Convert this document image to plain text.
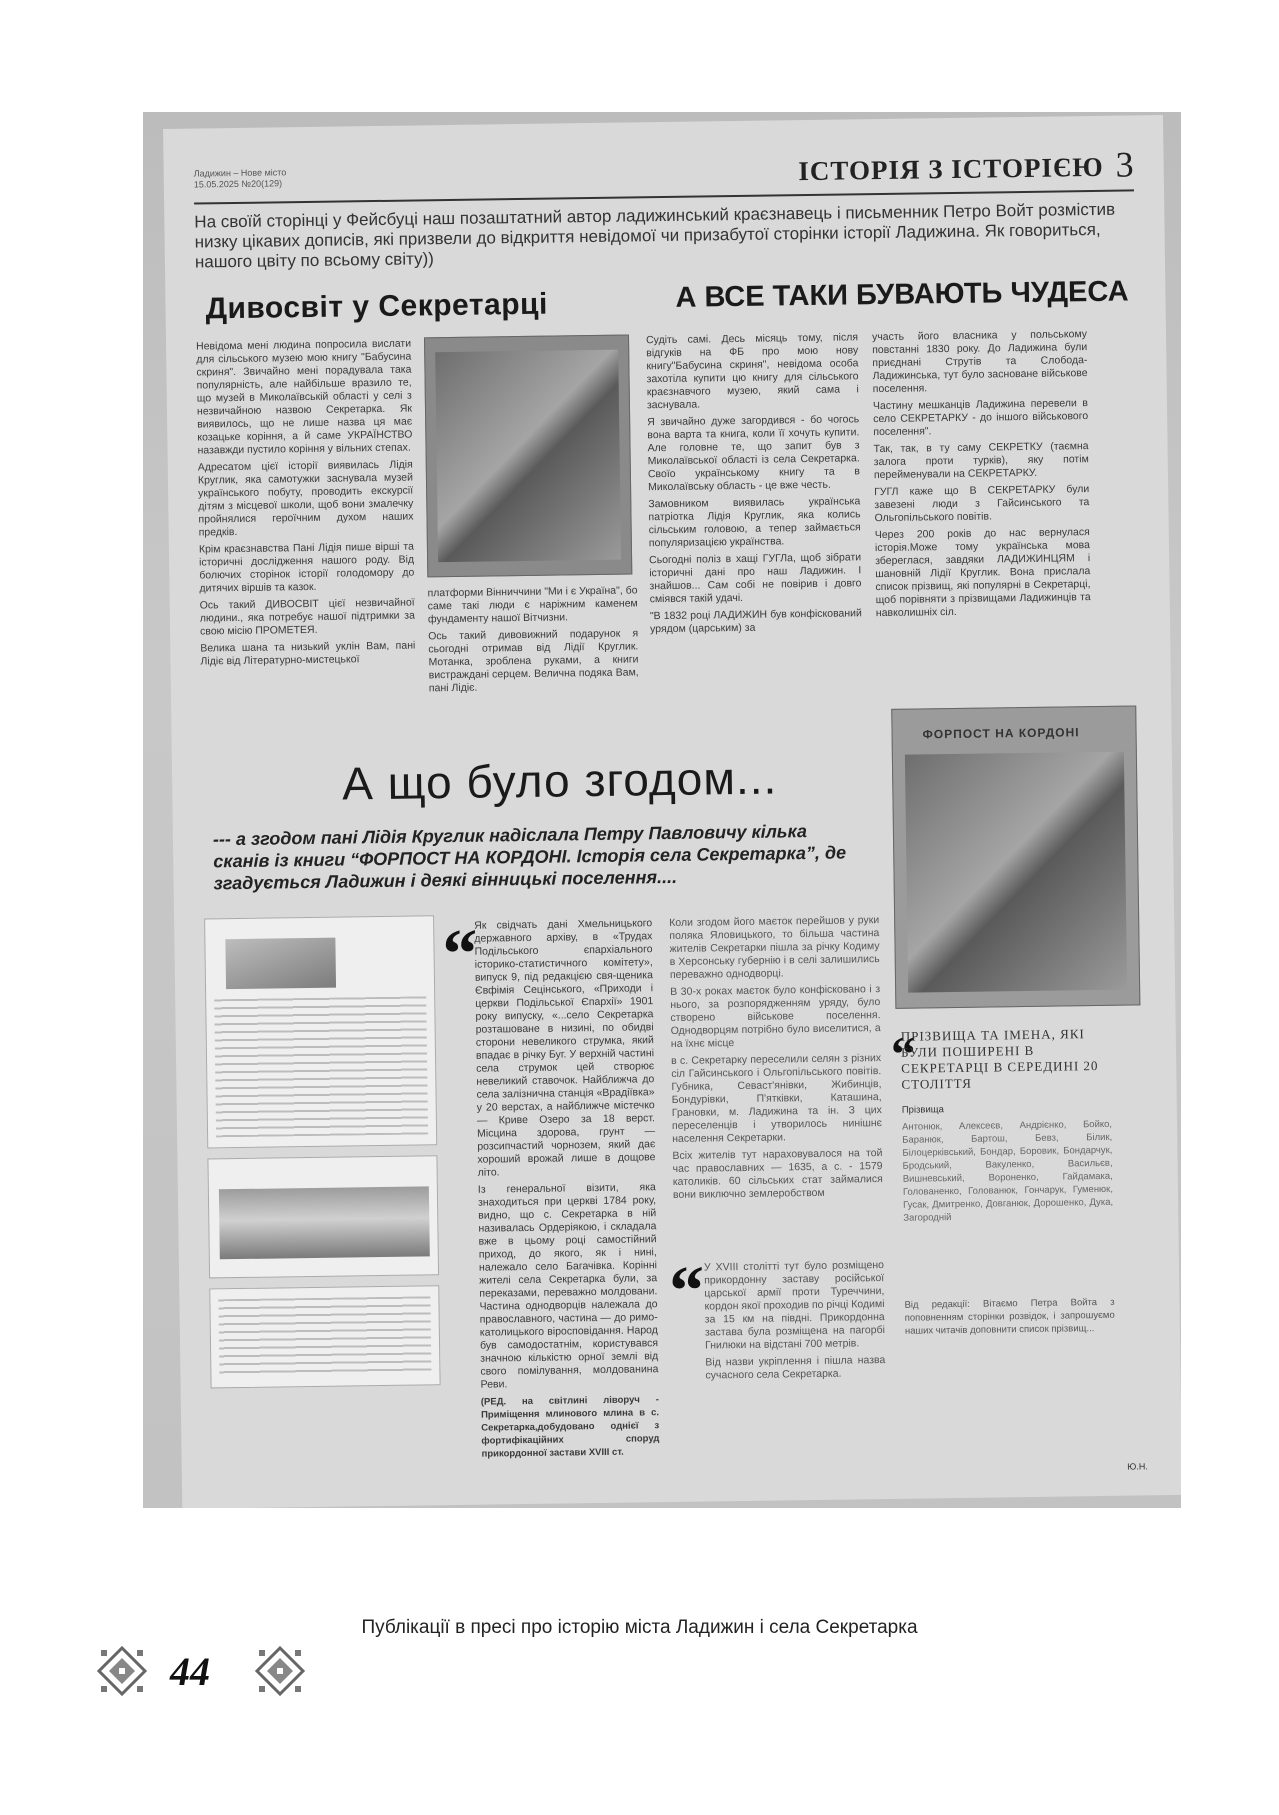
Ладижин – Нове місто
15.05.2025 №20(129)	ІСТОРІЯ З ІСТОРІЄЮ 3
На своїй сторінці у Фейсбуці наш позаштатний автор ладижинський краєзнавець і письменник Петро Войт розмістив низку цікавих дописів, які призвели до відкриття невідомої чи призабутої сторінки історії Ладижина. Як говориться, нашого цвіту по всьому світу))
Дивосвіт у Секретарці

Невідома мені людина попросила вислати для сільського музею мою книгу "Бабусина скриня". Звичайно мені порадувала така популярність, але найбільше вразило те, що музей в Миколаївській області у селі з незвичайною назвою Секретарка. Як виявилось, що не лише назва ця має козацьке коріння, а й саме УКРАЇНСТВО назавжди пустило коріння у вільних степах.

Адресатом цієї історії виявилась Лідія Круглик, яка самотужки заснувала музей українського побуту, проводить екскурсії дітям з місцевої школи, щоб вони змалечку пройнялися героїчним духом наших предків.

Крім краєзнавства Пані Лідія пише вірші та історичні дослідження нашого роду. Від болючих сторінок історії голодомору до дитячих віршів та казок.

Ось такий ДИВОСВІТ цієї незвичайної людини., яка потребує нашої підтримки за свою місію ПРОМЕТЕЯ.

Велика шана та низький уклін Вам, пані Лідіє від Літературно-мистецької

платформи Вінниччини "Ми і є Україна", бо саме такі люди є наріжним каменем фундаменту нашої Вітчизни.

Ось такий дивовижний подарунок я сьогодні отримав від Лідії Круглик. Мотанка, зроблена руками, а книги вистраждані серцем. Велична подяка Вам, пані Лідіє.

А ВСЕ ТАКИ БУВАЮТЬ ЧУДЕСА

Судіть самі. Десь місяць тому, після відгуків на ФБ про мою нову книгу"Бабусина скриня", невідома особа захотіла купити цю книгу для сільського краєзнавчого музею, який сама і заснувала.

Я звичайно дуже загордився - бо чогось вона варта та книга, коли її хочуть купити. Але головне те, що запит був з Миколаївської області із села Секретарка. Своїо українському книгу та в Миколаївську область - це вже честь.

Замовником виявилась українська патріотка Лідія Круглик, яка колись сільським головою, а тепер займається популяризацією українства.

Сьогодні поліз в хащі ГУГЛа, щоб зібрати історичні дані про наш Ладижин. І знайшов... Сам собі не повірив і довго сміявся такій удачі.

"В 1832 році ЛАДИЖИН був конфіскований урядом (царським) за

участь його власника у польському повстанні 1830 року. До Ладижина були приєднані Струтів та Слобода-Ладижинська, тут було засноване військове поселення.

Частину мешканців Ладижина перевели в село СЕКРЕТАРКУ - до іншого військового поселення".

Так, так, в ту саму СЕКРЕТКУ (таємна залога проти турків), яку потім перейменували на СЕКРЕТАРКУ.

ГУГЛ каже що В СЕКРЕТАРКУ були завезені люди з Гайсинського та Ольгопільського повітів.

Через 200 років до нас вернулася історія.Може тому українська мова збереглася, завдяки ЛАДИЖИНЦЯМ і шановній Лідії Круглик. Вона прислала список прізвищ, які популярні в Секретарці, щоб порівняти з прізвищами Ладижинців та навколишніх сіл.

А що було згодом...
--- а згодом пані Лідія Круглик надіслала Петру Павловичу кілька сканів із книги “ФОРПОСТ НА КОРДОНІ. Історія села Секретарка”, де згадується Ладижин і деякі вінницькі поселення....
ФОРПОСТ НА КОРДОНІ
“

Як свідчать дані Хмельницького державного архіву, в «Трудах Подільського єпархіального історико-статистичного комітету», випуск 9, під редакцією свя-щеника Євфімія Сецінського, «Приходи і церкви Подільської Єпархії» 1901 року випуску, «...село Секретарка розташоване в низині, по обидві сторони невеликого струмка, який впадає в річку Буг. У верхній частині села струмок цей створює невеликий ставочок. Найближча до села залізнична станція «Врадіївка» у 20 верстах, а найближче містечко — Криве Озеро за 18 верст. Місцина здорова, грунт — розсипчастий чорнозем, який дає хороший врожай лише в дощове літо.

Із генеральної візити, яка знаходиться при церкві 1784 року, видно, що с. Секретарка в ній називалась Ордеріякою, і складала вже в цьому році самостійний приход, до якого, як і нині, належало село Багачівка. Корінні жителі села Секретарка були, за переказами, переважно молдовани. Частина однодворців належала до православного, частина — до римо-католицького віросповідання. Народ був самодостатнім, користувався значною кількістю орної землі від свого помілування, молдованина Реви.

(РЕД. на світлині ліворуч - Приміщення млинового млина в с. Секретарка,добудовано однієї з фортифікаційних споруд прикордонної застави XVIII ст.

Коли згодом його маєток перейшов у руки поляка Яловицького, то більша частина жителів Секретарки пішла за річку Кодиму в Херсонську губернію і в селі залишились переважно однодворці.

В 30-х роках маєток було конфісковано і з нього, за розпорядженням уряду, було створено військове поселення. Однодворцям потрібно було виселитися, а на їхнє місце

в с. Секретарку переселили селян з різних сіл Гайсинського і Ольгопільського повітів. Губника, Севаст'янівки, Жибинців, Бондурівки, П'ятківки, Каташина, Грановки, м. Ладижина та ін. З цих переселенців і утворилось нинішнє населення Секретарки.

Всіх жителів тут нараховувалося на той час православних — 1635, а с. - 1579 католиків. 60 сільських стат займалися вони виключно землеробством

“
ПРІЗВИЩА ТА ІМЕНА, ЯКІ БУЛИ ПОШИРЕНІ В СЕКРЕТАРЦІ В СЕРЕДИНІ 20 СТОЛІТТЯ

Прізвища

Антонюк, Алексеєв, Андрієнко, Бойко, Баранюк, Бартош, Бевз, Білик, Білоцерківський, Бондар, Боровик, Бондарчук, Бродський, Вакуленко, Васильєв, Вишневський, Вороненко, Гайдамака, Голованенко, Голованюк, Гончарук, Гуменюк, Гусак, Дмитренко, Довганюк, Дорошенко, Дука, Загородній

“ У XVIII столітті тут було розміщено прикордонну заставу російської царської армії проти Туреччини, кордон якої проходив по річці Кодимі за 15 км на півдні. Прикордонна застава була розміщена на пагорбі Гнилюки на відстані 700 метрів.

Від назви укріплення і пішла назва сучасного села Секретарка.

Від редакції: Вітаємо Петра Войта з поповненням сторінки розвідок, і запрошуємо наших читачів доповнити список прізвищ...
Ю.Н.
Публікації в пресі про історію міста Ладижин і села Секретарка
44
